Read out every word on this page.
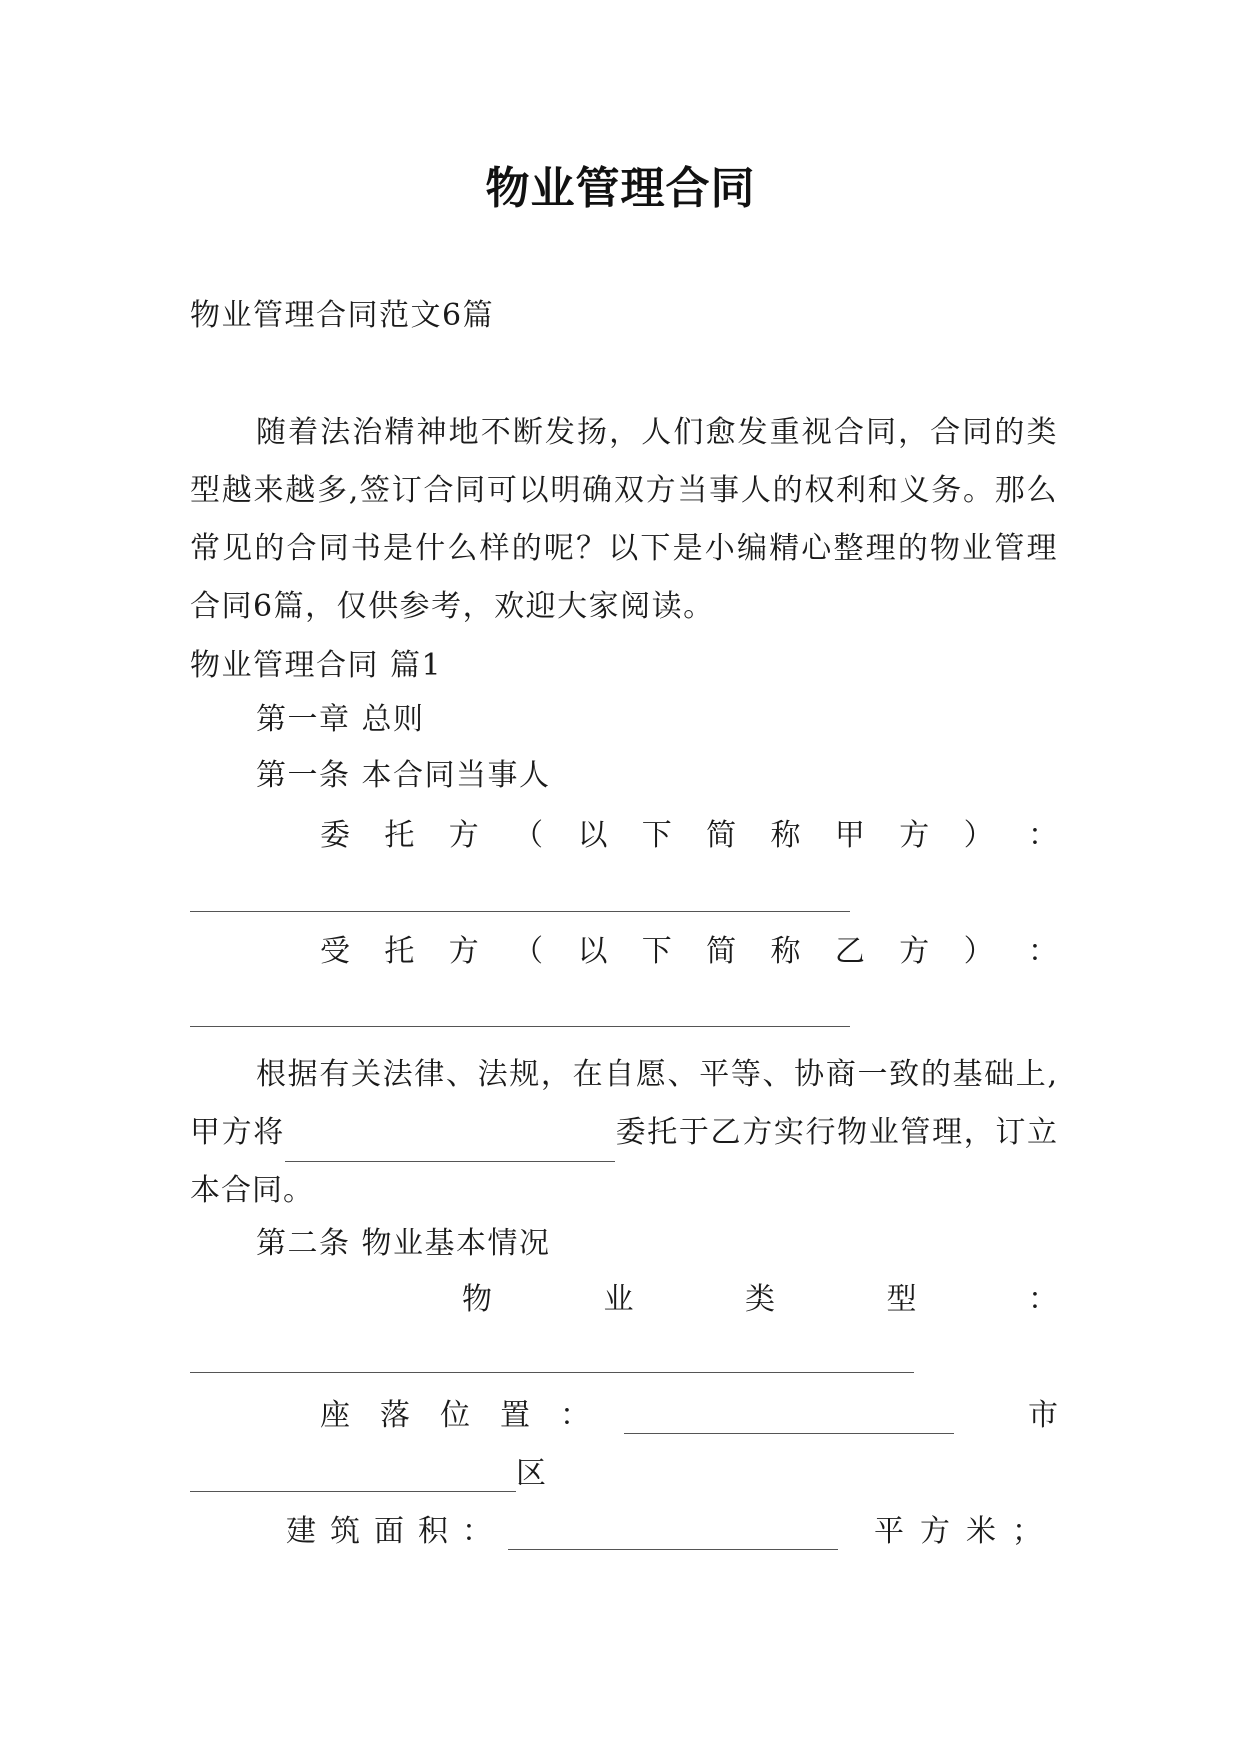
物业管理合同
物业管理合同范文6篇
随着法治精神地不断发扬，人们愈发重视合同，合同的类型越来越多,签订合同可以明确双方当事人的权利和义务。那么常见的合同书是什么样的呢？以下是小编精心整理的物业管理合同6篇，仅供参考，欢迎大家阅读。
物业管理合同 篇1
第一章 总则
第一条 本合同当事人
委 托 方 （ 以 下 简 称 甲 方 ） ：
受 托 方 （ 以 下 简 称 乙 方 ） ：
根据有关法律、法规，在自愿、平等、协商一致的基础上,甲方将	委托于乙方实行物业管理，订立本合同。
第二条 物业基本情况
物	业	类	型	：
座 落 位 置 ：	市
区
建 筑 面 积 ：	平方米；
